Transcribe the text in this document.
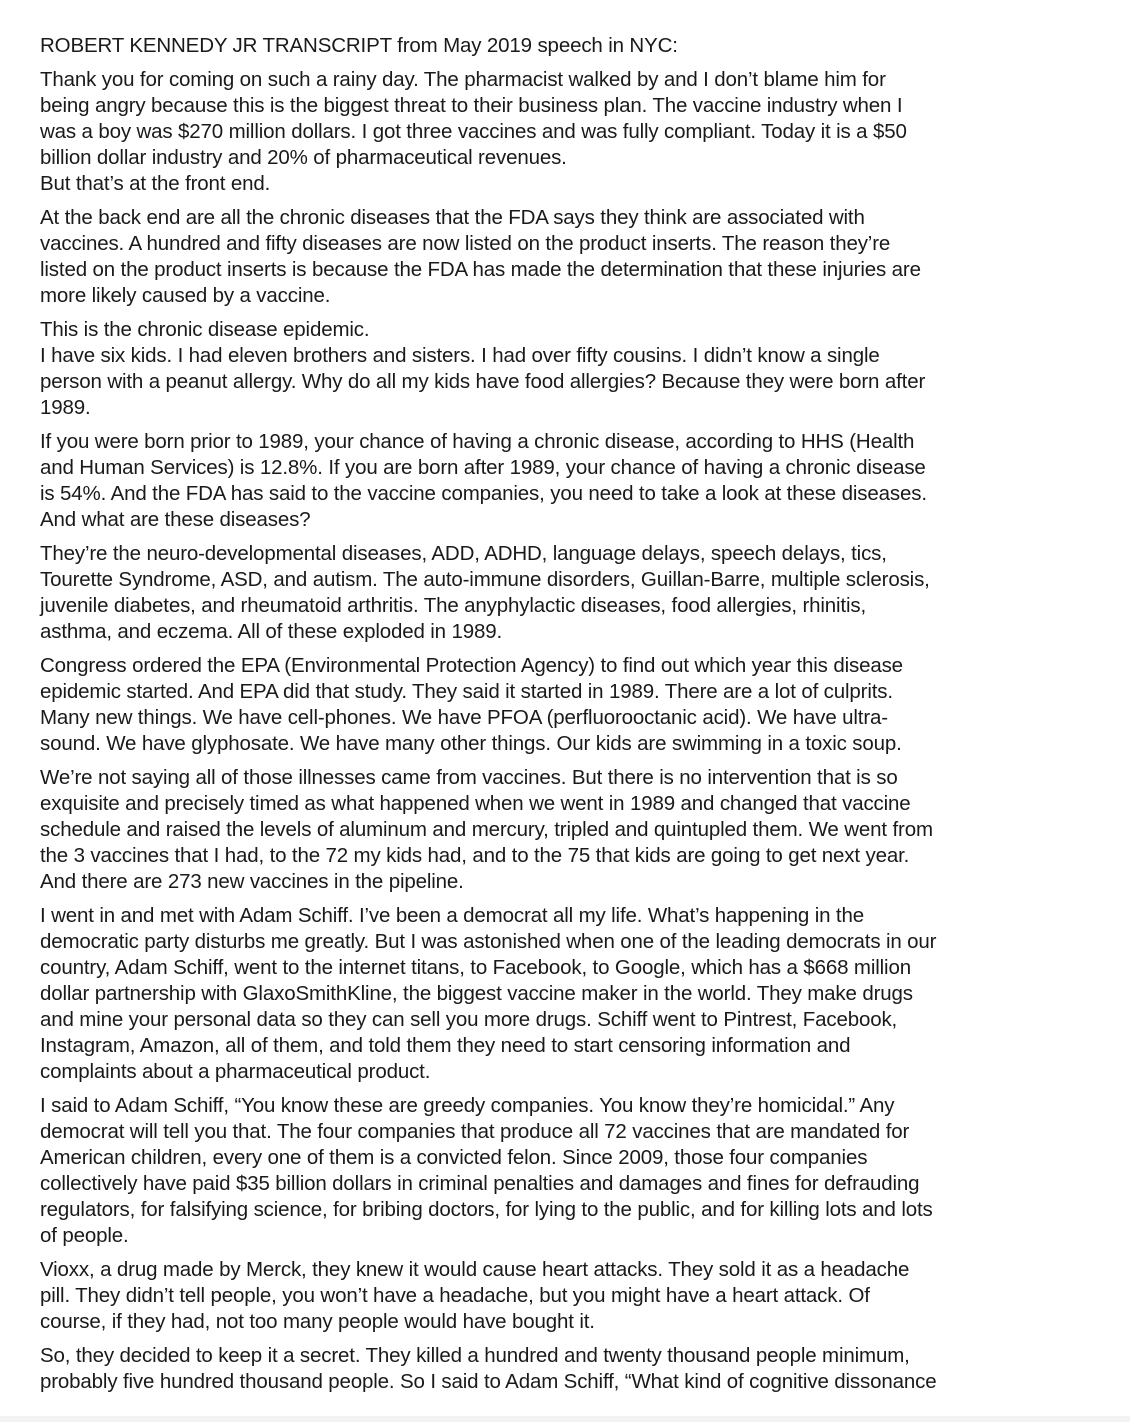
ROBERT KENNEDY JR TRANSCRIPT from May 2019 speech in NYC:
Thank you for coming on such a rainy day. The pharmacist walked by and I don’t blame him for
being angry because this is the biggest threat to their business plan. The vaccine industry when I
was a boy was $270 million dollars. I got three vaccines and was fully compliant. Today it is a $50
billion dollar industry and 20% of pharmaceutical revenues.
But that’s at the front end.
At the back end are all the chronic diseases that the FDA says they think are associated with
vaccines. A hundred and fifty diseases are now listed on the product inserts. The reason they’re
listed on the product inserts is because the FDA has made the determination that these injuries are
more likely caused by a vaccine.
This is the chronic disease epidemic.
I have six kids. I had eleven brothers and sisters. I had over fifty cousins. I didn’t know a single
person with a peanut allergy. Why do all my kids have food allergies? Because they were born after
1989.
If you were born prior to 1989, your chance of having a chronic disease, according to HHS (Health
and Human Services) is 12.8%. If you are born after 1989, your chance of having a chronic disease
is 54%. And the FDA has said to the vaccine companies, you need to take a look at these diseases.
And what are these diseases?
They’re the neuro-developmental diseases, ADD, ADHD, language delays, speech delays, tics,
Tourette Syndrome, ASD, and autism. The auto-immune disorders, Guillan-Barre, multiple sclerosis,
juvenile diabetes, and rheumatoid arthritis. The anyphylactic diseases, food allergies, rhinitis,
asthma, and eczema. All of these exploded in 1989.
Congress ordered the EPA (Environmental Protection Agency) to find out which year this disease
epidemic started. And EPA did that study. They said it started in 1989. There are a lot of culprits.
Many new things. We have cell-phones. We have PFOA (perfluorooctanic acid). We have ultra-
sound. We have glyphosate. We have many other things. Our kids are swimming in a toxic soup.
We’re not saying all of those illnesses came from vaccines. But there is no intervention that is so
exquisite and precisely timed as what happened when we went in 1989 and changed that vaccine
schedule and raised the levels of aluminum and mercury, tripled and quintupled them. We went from
the 3 vaccines that I had, to the 72 my kids had, and to the 75 that kids are going to get next year.
And there are 273 new vaccines in the pipeline.
I went in and met with Adam Schiff. I’ve been a democrat all my life. What’s happening in the
democratic party disturbs me greatly. But I was astonished when one of the leading democrats in our
country, Adam Schiff, went to the internet titans, to Facebook, to Google, which has a $668 million
dollar partnership with GlaxoSmithKline, the biggest vaccine maker in the world. They make drugs
and mine your personal data so they can sell you more drugs. Schiff went to Pintrest, Facebook,
Instagram, Amazon, all of them, and told them they need to start censoring information and
complaints about a pharmaceutical product.
I said to Adam Schiff, “You know these are greedy companies. You know they’re homicidal.” Any
democrat will tell you that. The four companies that produce all 72 vaccines that are mandated for
American children, every one of them is a convicted felon. Since 2009, those four companies
collectively have paid $35 billion dollars in criminal penalties and damages and fines for defrauding
regulators, for falsifying science, for bribing doctors, for lying to the public, and for killing lots and lots
of people.
Vioxx, a drug made by Merck, they knew it would cause heart attacks. They sold it as a headache
pill. They didn’t tell people, you won’t have a headache, but you might have a heart attack. Of
course, if they had, not too many people would have bought it.
So, they decided to keep it a secret. They killed a hundred and twenty thousand people minimum,
probably five hundred thousand people. So I said to Adam Schiff, “What kind of cognitive dissonance
